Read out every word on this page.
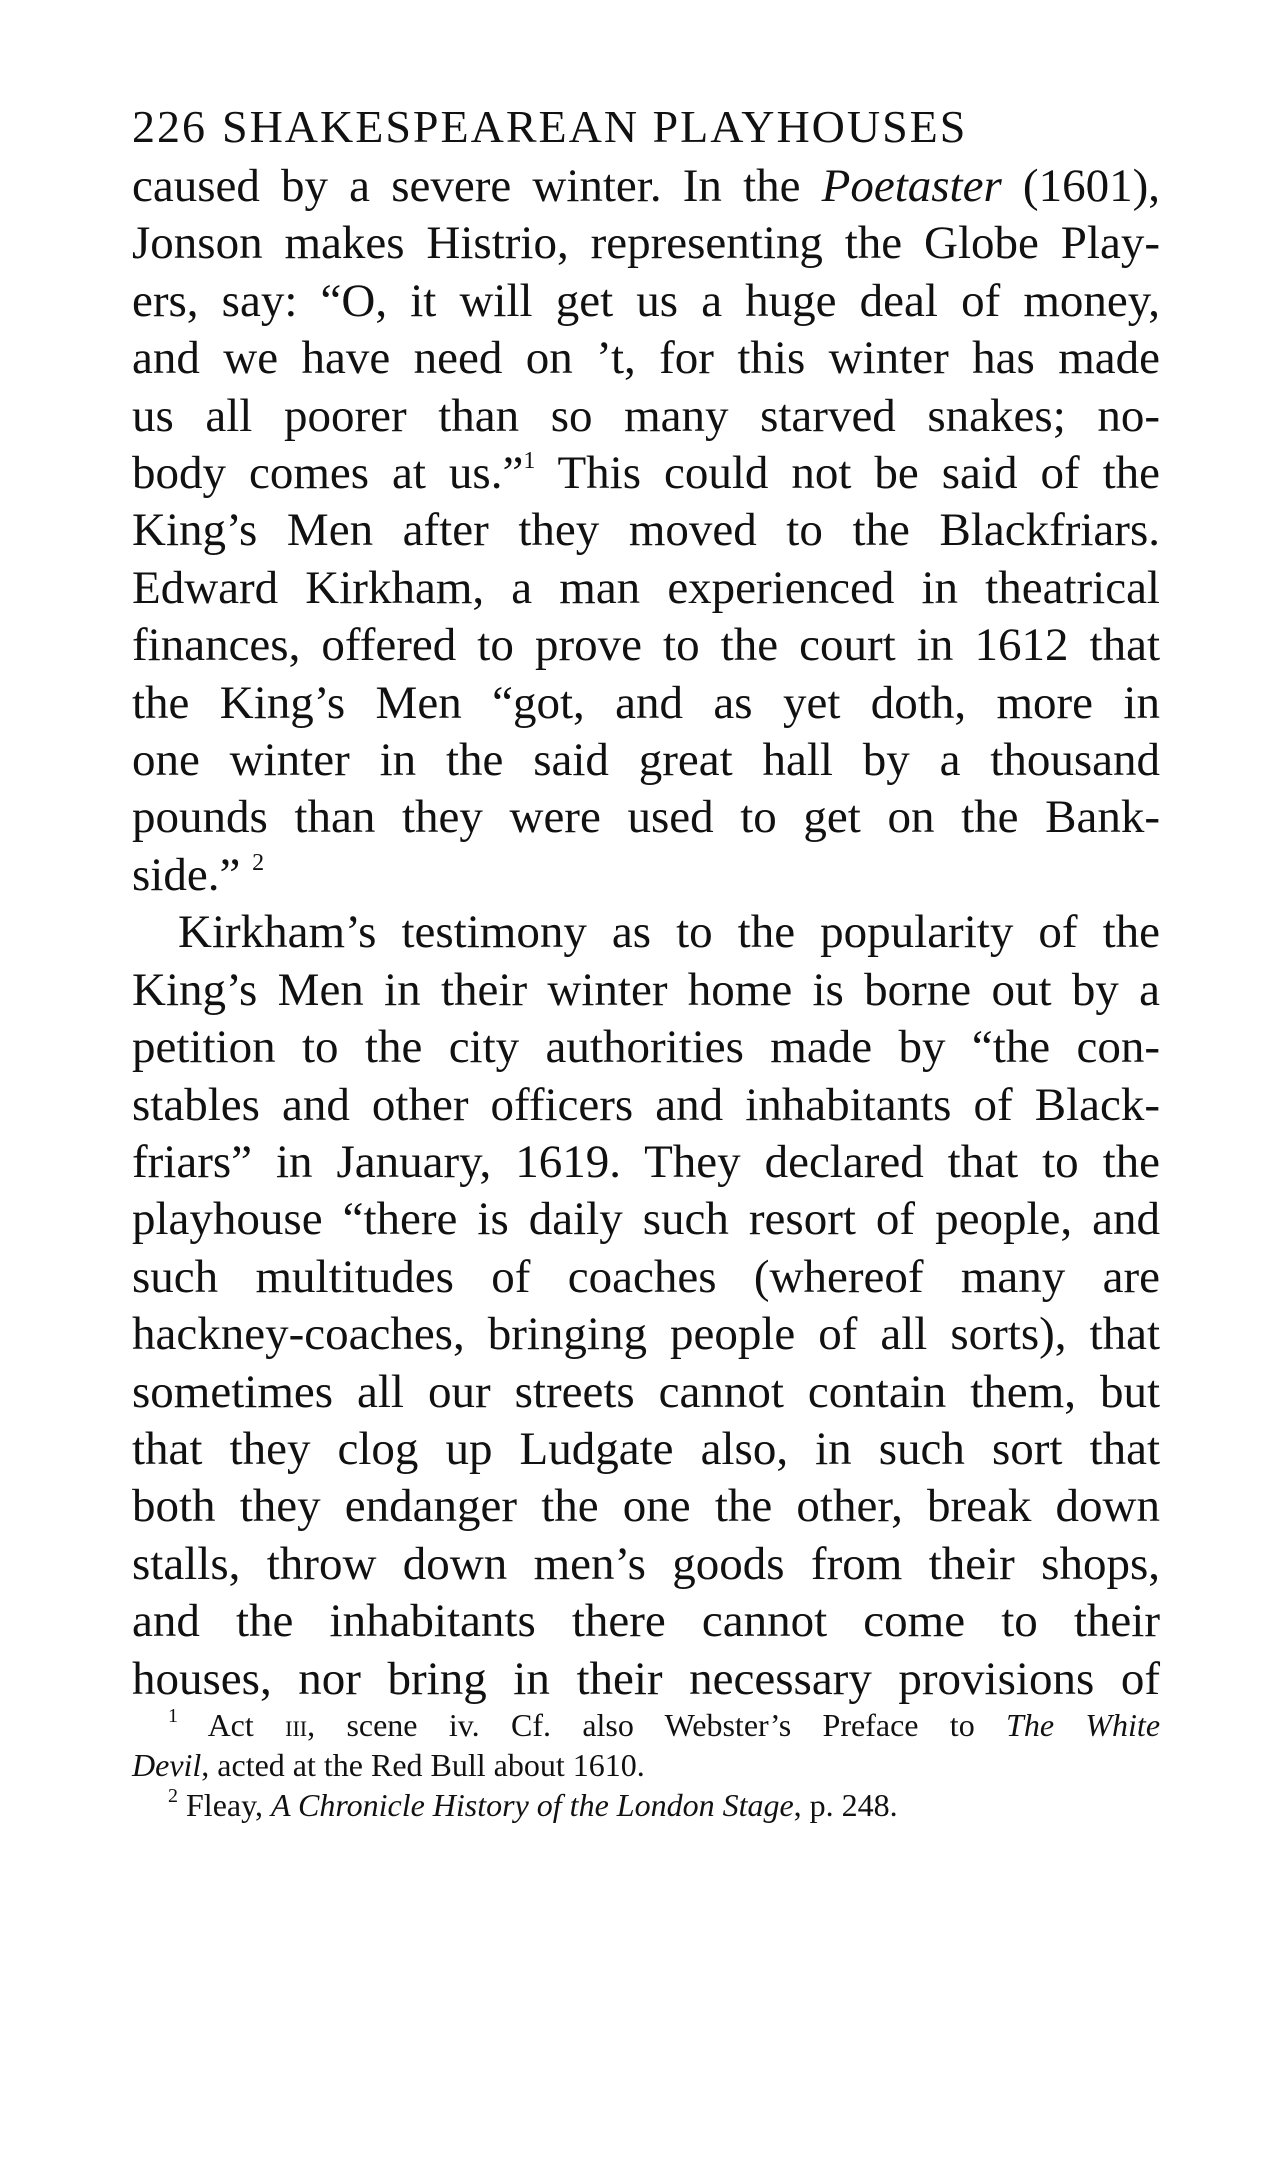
226 SHAKESPEAREAN PLAYHOUSES
caused by a severe winter. In the Poetaster (1601),
Jonson makes Histrio, representing the Globe Play-
ers, say: “O, it will get us a huge deal of money,
and we have need on ’t, for this winter has made
us all poorer than so many starved snakes; no-
body comes at us.”$^1$ This could not be said of the
King’s Men after they moved to the Blackfriars.
Edward Kirkham, a man experienced in theatrical
finances, offered to prove to the court in 1612 that
the King’s Men “got, and as yet doth, more in
one winter in the said great hall by a thousand
pounds than they were used to get on the Bank-
side.” $^2$
Kirkham’s testimony as to the popularity of the
King’s Men in their winter home is borne out by a
petition to the city authorities made by “the con-
stables and other officers and inhabitants of Black-
friars” in January, 1619. They declared that to the
playhouse “there is daily such resort of people, and
such multitudes of coaches (whereof many are
hackney-coaches, bringing people of all sorts), that
sometimes all our streets cannot contain them, but
that they clog up Ludgate also, in such sort that
both they endanger the one the other, break down
stalls, throw down men’s goods from their shops,
and the inhabitants there cannot come to their
houses, nor bring in their necessary provisions of
$^1$ Act iii, scene iv. Cf. also Webster’s Preface to The White
Devil, acted at the Red Bull about 1610.
$^2$ Fleay, A Chronicle History of the London Stage, p. 248.
